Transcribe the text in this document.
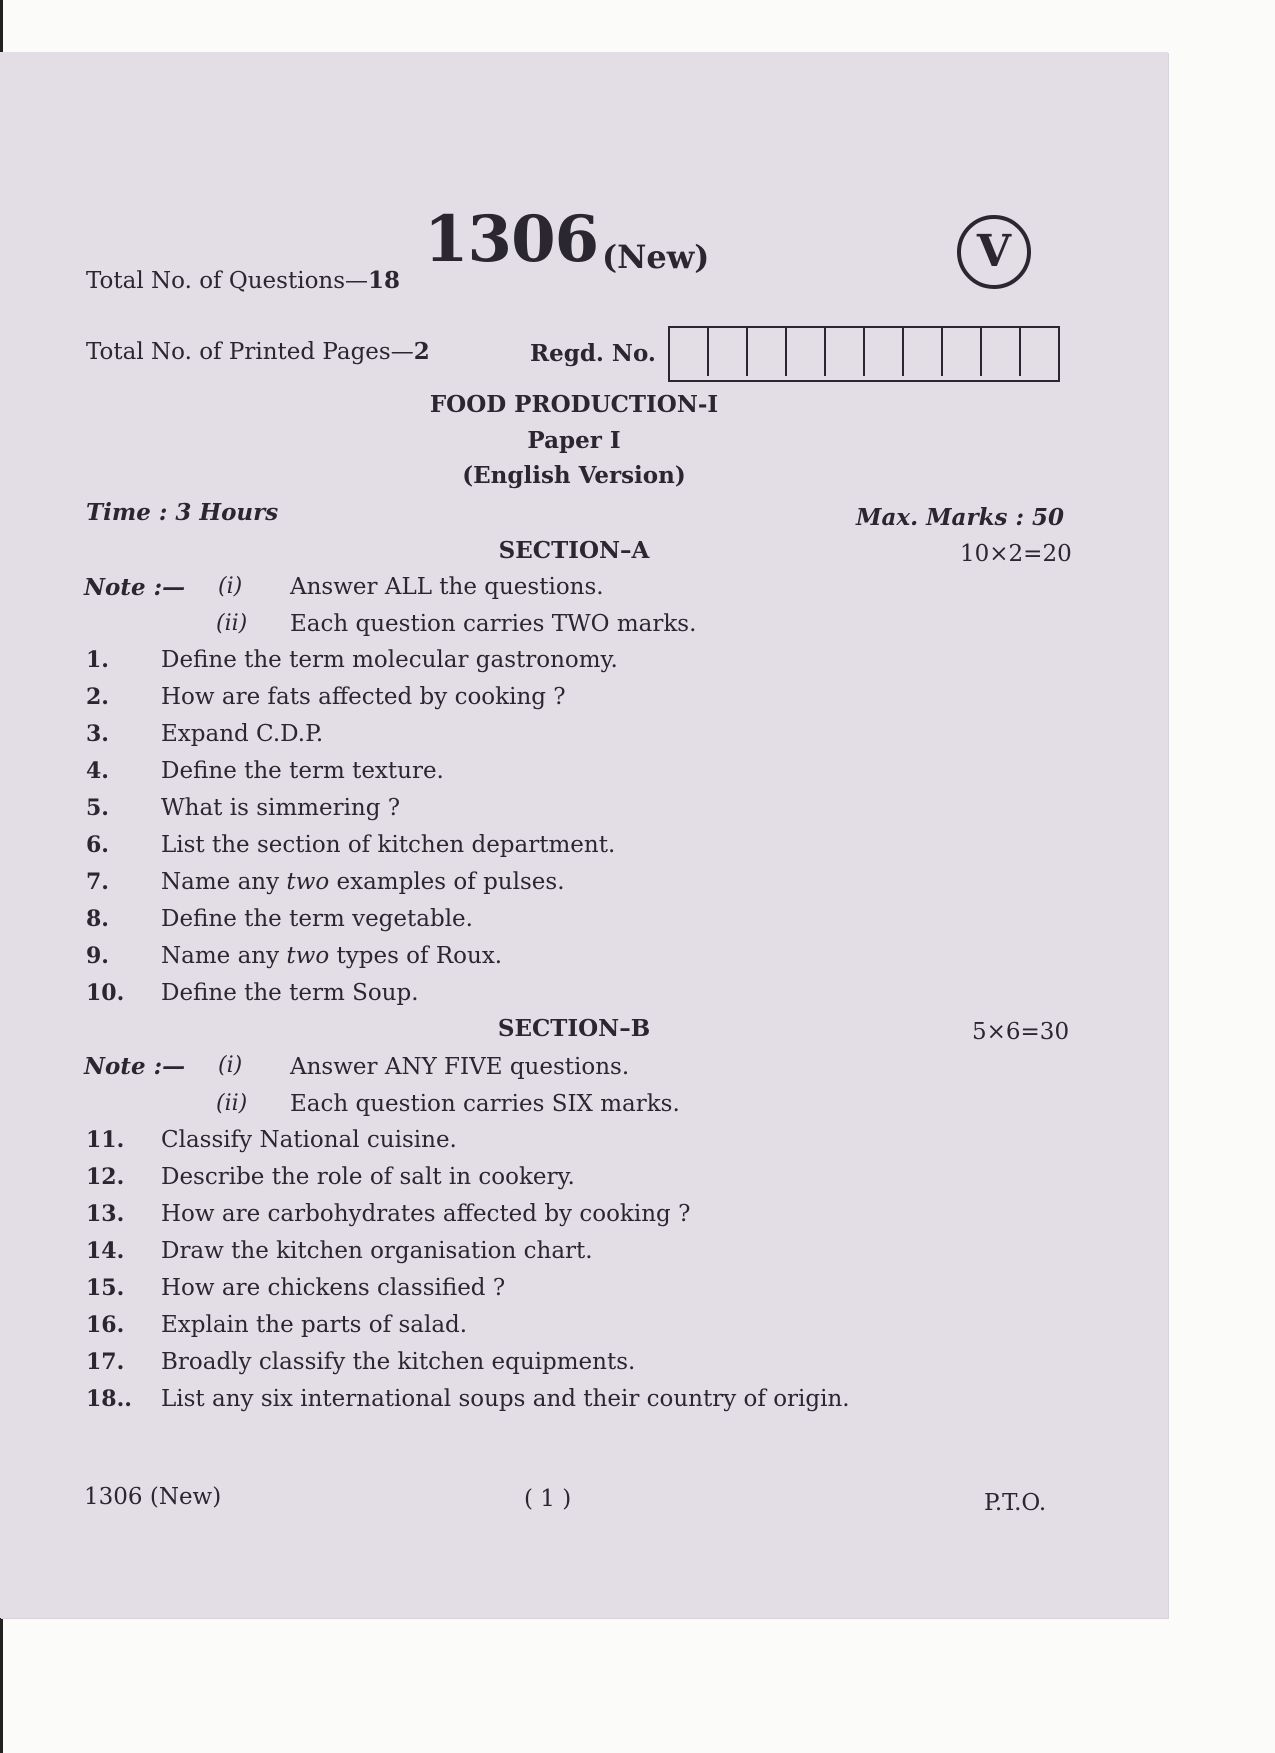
1306 (New)	V
Total No. of Questions—18
Total No. of Printed Pages—2	Regd. No.
FOOD PRODUCTION-I
Paper I
(English Version)
Time : 3 Hours	Max. Marks : 50
SECTION–A	10×2=20
Note :— (i) Answer ALL the questions.
(ii) Each question carries TWO marks.
1. Define the term molecular gastronomy.
2. How are fats affected by cooking ?
3. Expand C.D.P.
4. Define the term texture.
5. What is simmering ?
6. List the section of kitchen department.
7. Name any two examples of pulses.
8. Define the term vegetable.
9. Name any two types of Roux.
10. Define the term Soup.
SECTION–B	5×6=30
Note :— (i) Answer ANY FIVE questions.
(ii) Each question carries SIX marks.
11. Classify National cuisine.
12. Describe the role of salt in cookery.
13. How are carbohydrates affected by cooking ?
14. Draw the kitchen organisation chart.
15. How are chickens classified ?
16. Explain the parts of salad.
17. Broadly classify the kitchen equipments.
18.. List any six international soups and their country of origin.
1306 (New)	( 1 )	P.T.O.
